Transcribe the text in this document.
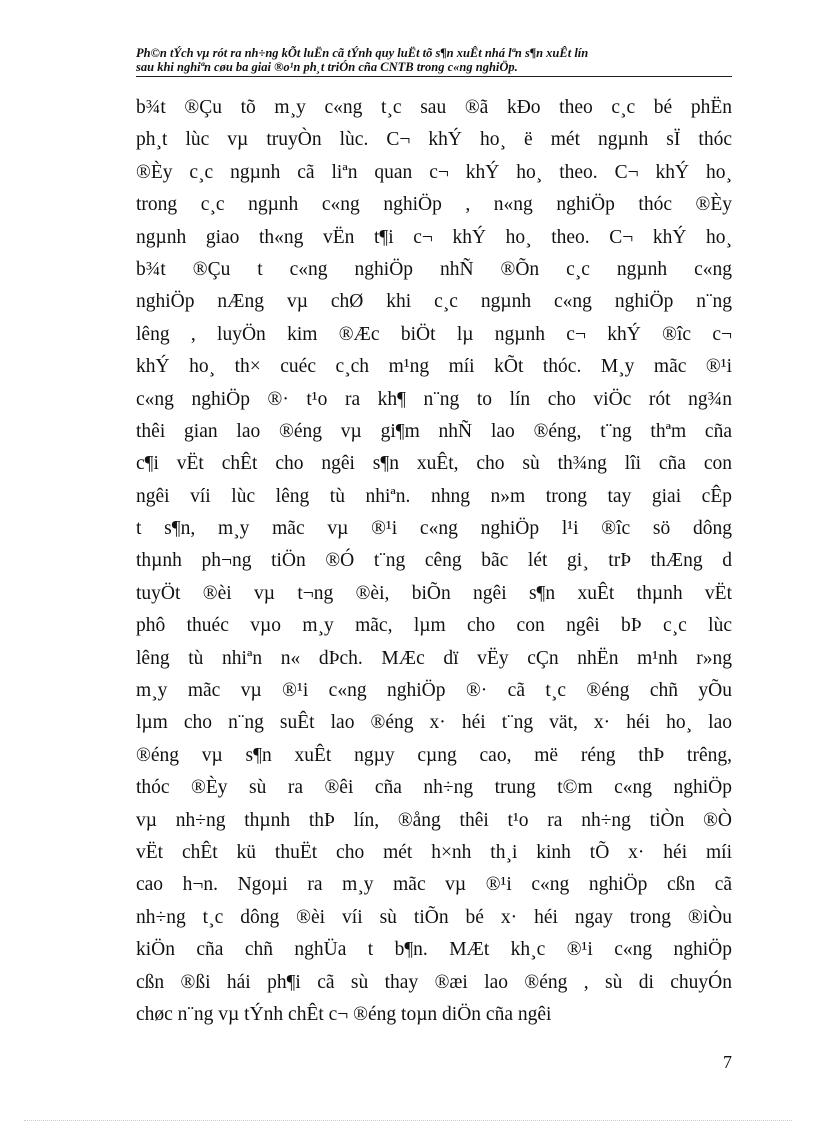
Ph©n tÝch vµ rót ra nh÷ng kÕt luËn cã tÝnh quy luËt tõ s¶n xuÊt nhá lªn s¶n xuÊt lín
sau khi nghiªn cøu ba giai ®o¹n ph¸t triÓn cña CNTB trong c«ng nghiÖp.
b¾t ®Çu tõ m¸y c«ng t¸c sau ®ã kÐo theo c¸c bé phËn
ph¸t lùc vµ truyÒn lùc. C¬ khÝ ho¸ ë mét ngµnh sÏ thóc
®Èy c¸c ngµnh cã liªn quan c¬ khÝ ho¸ theo. C¬ khÝ ho¸
trong c¸c ngµnh c«ng nghiÖp , n«ng nghiÖp thóc ®Èy
ngµnh giao th«ng vËn t¶i c¬ khÝ ho¸ theo. C¬ khÝ ho¸
b¾t ®Çu t c«ng nghiÖp nhÑ ®Õn c¸c ngµnh c«ng
nghiÖp nÆng vµ chØ khi c¸c ngµnh c«ng nghiÖp n¨ng
lêng , luyÖn kim ®Æc biÖt lµ ngµnh c¬ khÝ ®îc c¬
khÝ ho¸ th× cuéc c¸ch m¹ng míi kÕt thóc. M¸y mãc ®¹i
c«ng nghiÖp ®· t¹o ra kh¶ n¨ng to lín cho viÖc rót ng¾n
thêi gian lao ®éng vµ gi¶m nhÑ lao ®éng, t¨ng thªm cña
c¶i vËt chÊt cho ngêi s¶n xuÊt, cho sù th¾ng lîi cña con
ngêi víi lùc lêng tù nhiªn. nhng n»m trong tay giai cÊp
t s¶n, m¸y mãc vµ ®¹i c«ng nghiÖp l¹i ®îc sö dông
thµnh ph¬ng tiÖn ®Ó t¨ng cêng bãc lét gi¸ trÞ thÆng d
tuyÖt ®èi vµ t¬ng ®èi, biÕn ngêi s¶n xuÊt thµnh vËt
phô thuéc vµo m¸y mãc, lµm cho con ngêi bÞ c¸c lùc
lêng tù nhiªn n« dÞch. MÆc dï vËy cÇn nhËn m¹nh r»ng
m¸y mãc vµ ®¹i c«ng nghiÖp ®· cã t¸c ®éng chñ yÕu
lµm cho n¨ng suÊt lao ®éng x· héi t¨ng vät, x· héi ho¸ lao
®éng vµ s¶n xuÊt ngµy cµng cao, më réng thÞ trêng,
thóc ®Èy sù ra ®êi cña nh÷ng trung t©m c«ng nghiÖp
vµ nh÷ng thµnh thÞ lín, ®ång thêi t¹o ra nh÷ng tiÒn ®Ò
vËt chÊt kü thuËt cho mét h×nh th¸i kinh tÕ x· héi míi
cao h¬n. Ngoµi ra m¸y mãc vµ ®¹i c«ng nghiÖp cßn cã
nh÷ng t¸c dông ®èi víi sù tiÕn bé x· héi ngay trong ®iÒu
kiÖn cña chñ nghÜa t b¶n. MÆt kh¸c ®¹i c«ng nghiÖp
cßn ®ßi hái ph¶i cã sù thay ®æi lao ®éng , sù di chuyÓn
chøc n¨ng vµ tÝnh chÊt c¬ ®éng toµn diÖn cña ngêi
7
